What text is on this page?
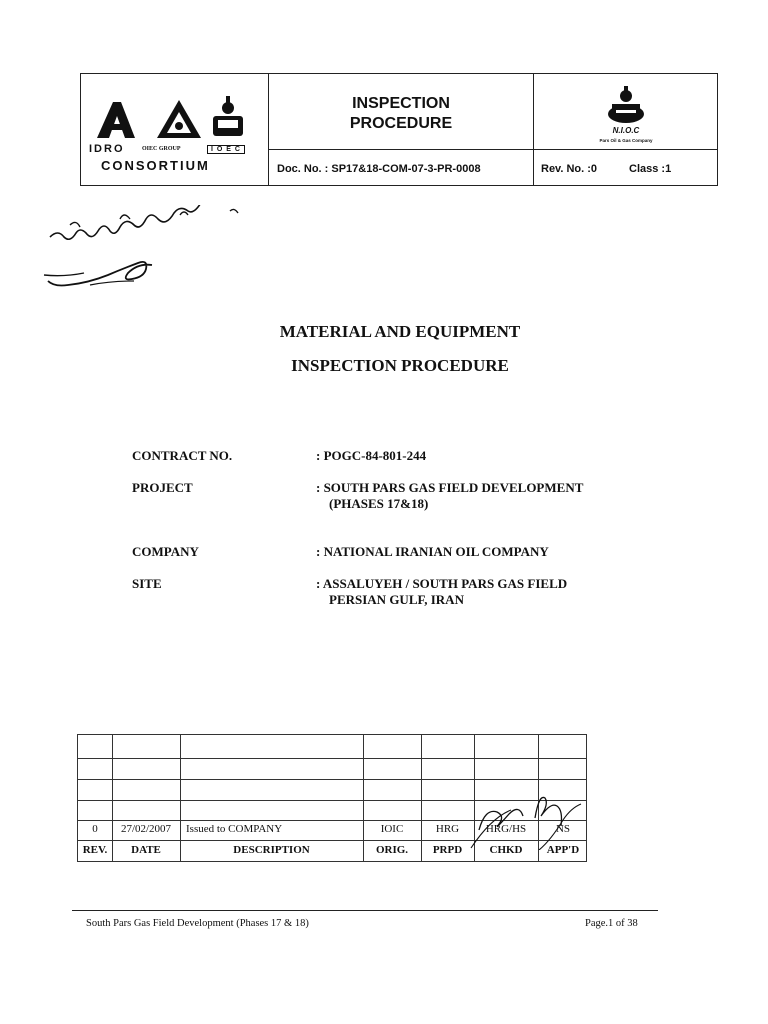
IDRO	OIEC GROUP	I O E C
CONSORTIUM
INSPECTION
PROCEDURE
Doc. No. : SP17&18-COM-07-3-PR-0008	Rev. No. :0	Class :1
N.I.O.C
Pars Oil & Gas Company
MATERIAL AND EQUIPMENT
INSPECTION PROCEDURE
CONTRACT NO.	: POGC-84-801-244
PROJECT	: SOUTH PARS GAS FIELD DEVELOPMENT
(PHASES 17&18)
COMPANY	: NATIONAL IRANIAN OIL COMPANY
SITE	: ASSALUYEH / SOUTH PARS GAS FIELD
PERSIAN GULF, IRAN
0	27/02/2007	Issued to COMPANY	IOIC	HRG	HRG/HS	NS
REV.	DATE	DESCRIPTION	ORIG.	PRPD	CHKD	APP'D
South Pars Gas Field Development (Phases 17 & 18)	Page.1 of 38
